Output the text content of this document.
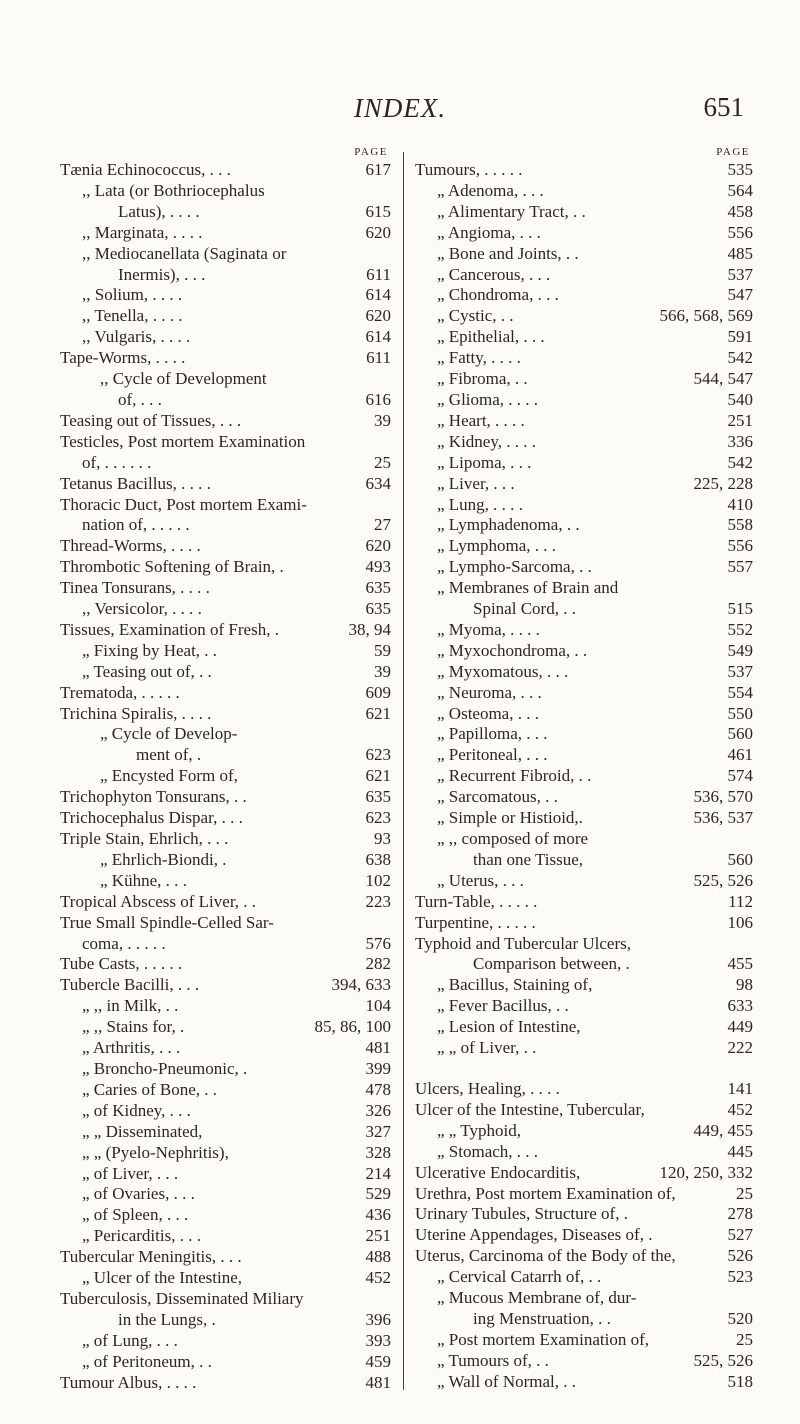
INDEX.	651
PAGE
Tænia Echinococcus, . . .	617
,, Lata (or Bothriocephalus
Latus), . . . .	615
,, Marginata, . . . .	620
,, Mediocanellata (Saginata or
Inermis), . . .	611
,, Solium, . . . .	614
,, Tenella, . . . .	620
,, Vulgaris, . . . .	614
Tape-Worms, . . . .	611
,, Cycle of Development
of, . . .	616
Teasing out of Tissues, . . .	39
Testicles, Post mortem Examination
of, . . . . . .	25
Tetanus Bacillus, . . . .	634
Thoracic Duct, Post mortem Exami-
nation of, . . . . .	27
Thread-Worms, . . . .	620
Thrombotic Softening of Brain, .	493
Tinea Tonsurans, . . . .	635
,, Versicolor, . . . .	635
Tissues, Examination of Fresh, .	38, 94
„ Fixing by Heat, . .	59
„ Teasing out of, . .	39
Trematoda, . . . . .	609
Trichina Spiralis, . . . .	621
„ Cycle of Develop-
ment of, .	623
„ Encysted Form of,	621
Trichophyton Tonsurans, . .	635
Trichocephalus Dispar, . . .	623
Triple Stain, Ehrlich, . . .	93
„ Ehrlich-Biondi, .	638
„ Kühne, . . .	102
Tropical Abscess of Liver, . .	223
True Small Spindle-Celled Sar-
coma, . . . . .	576
Tube Casts, . . . . .	282
Tubercle Bacilli, . . .	394, 633
„ ,, in Milk, . .	104
„ ,, Stains for, .	85, 86, 100
„ Arthritis, . . .	481
„ Broncho-Pneumonic, .	399
„ Caries of Bone, . .	478
„ of Kidney, . . .	326
„ „ Disseminated,	327
„ „ (Pyelo-Nephritis),	328
„ of Liver, . . .	214
„ of Ovaries, . . .	529
„ of Spleen, . . .	436
„ Pericarditis, . . .	251
Tubercular Meningitis, . . .	488
„ Ulcer of the Intestine,	452
Tuberculosis, Disseminated Miliary
in the Lungs, .	396
„ of Lung, . . .	393
„ of Peritoneum, . .	459
Tumour Albus, . . . .	481
PAGE
Tumours, . . . . .	535
„ Adenoma, . . .	564
„ Alimentary Tract, . .	458
„ Angioma, . . .	556
„ Bone and Joints, . .	485
„ Cancerous, . . .	537
„ Chondroma, . . .	547
„ Cystic, . .	566, 568, 569
„ Epithelial, . . .	591
„ Fatty, . . . .	542
„ Fibroma, . .	544, 547
„ Glioma, . . . .	540
„ Heart, . . . .	251
„ Kidney, . . . .	336
„ Lipoma, . . .	542
„ Liver, . . .	225, 228
„ Lung, . . . .	410
„ Lymphadenoma, . .	558
„ Lymphoma, . . .	556
„ Lympho-Sarcoma, . .	557
„ Membranes of Brain and
Spinal Cord, . .	515
„ Myoma, . . . .	552
„ Myxochondroma, . .	549
„ Myxomatous, . . .	537
„ Neuroma, . . .	554
„ Osteoma, . . .	550
„ Papilloma, . . .	560
„ Peritoneal, . . .	461
„ Recurrent Fibroid, . .	574
„ Sarcomatous, . .	536, 570
„ Simple or Histioid,.	536, 537
„ ,, composed of more
than one Tissue,	560
„ Uterus, . . .	525, 526
Turn-Table, . . . . .	112
Turpentine, . . . . .	106
Typhoid and Tubercular Ulcers,
Comparison between, .	455
„ Bacillus, Staining of,	98
„ Fever Bacillus, . .	633
„ Lesion of Intestine,	449
„ „ of Liver, . .	222
Ulcers, Healing, . . . .	141
Ulcer of the Intestine, Tubercular,	452
„ „ Typhoid,	449, 455
„ Stomach, . . .	445
Ulcerative Endocarditis,	120, 250, 332
Urethra, Post mortem Examination of,	25
Urinary Tubules, Structure of, .	278
Uterine Appendages, Diseases of, .	527
Uterus, Carcinoma of the Body of the,	526
„ Cervical Catarrh of, . .	523
„ Mucous Membrane of, dur-
ing Menstruation, . .	520
„ Post mortem Examination of,	25
„ Tumours of, . .	525, 526
„ Wall of Normal, . .	518
